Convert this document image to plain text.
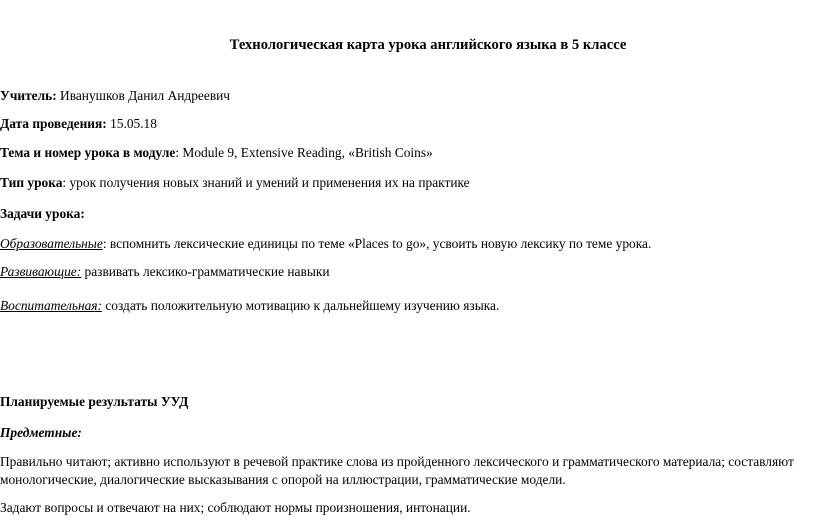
Технологическая карта урока английского языка в 5 классе
Учитель: Иванушков Данил Андреевич
Дата проведения: 15.05.18
Тема и номер урока в модуле: Module 9, Extensive Reading, «British Coins»
Тип урока: урок получения новых знаний и умений и применения их на практике
Задачи урока:
Образовательные: вспомнить лексические единицы по теме «Places to go», усвоить новую лексику по теме урока.
Развивающие: развивать лексико-грамматические навыки
Воспитательная: создать положительную мотивацию к дальнейшему изучению языка.
Планируемые результаты УУД
Предметные:
Правильно читают; активно используют в речевой практике слова из пройденного лексического и грамматического материала; составляют
монологические, диалогические высказывания с опорой на иллюстрации, грамматические модели.
Задают вопросы и отвечают на них; соблюдают нормы произношения, интонации.
